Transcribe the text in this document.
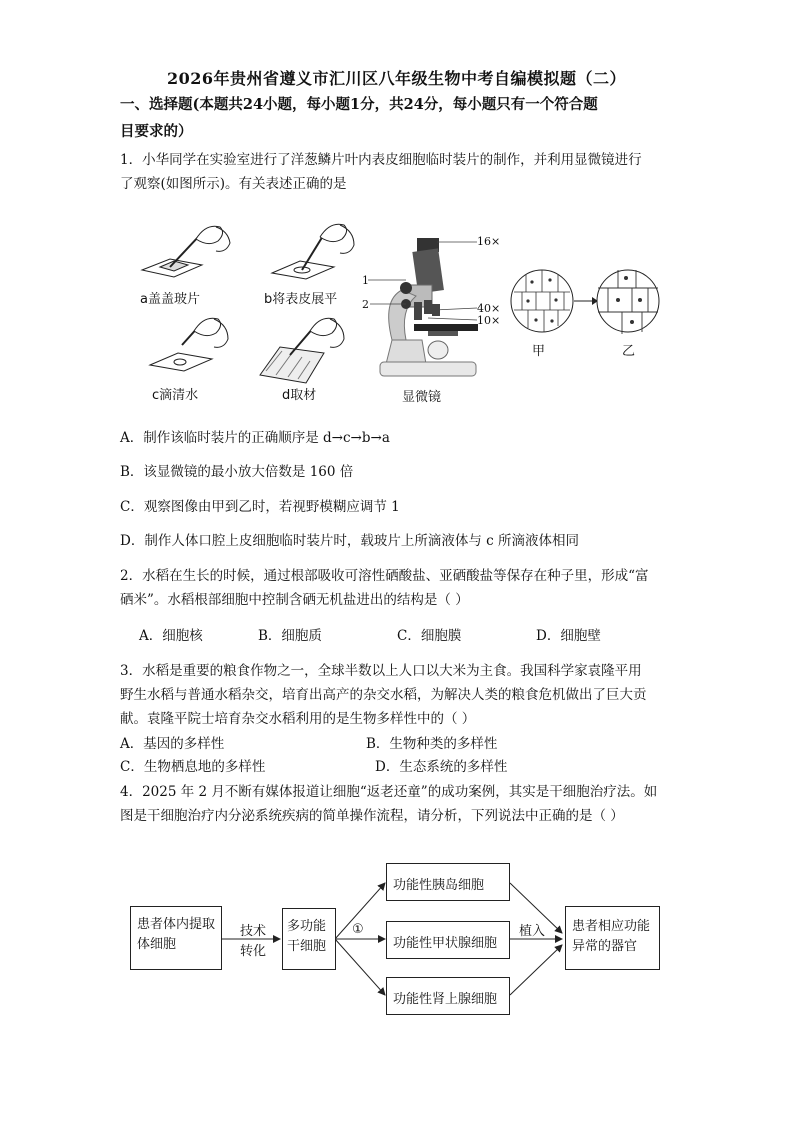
2026年贵州省遵义市汇川区八年级生物中考自编模拟题（二）
一、选择题(本题共24小题，每小题1分，共24分，每小题只有一个符合题
目要求的）
1．小华同学在实验室进行了洋葱鳞片叶内表皮细胞临时装片的制作，并利用显微镜进行
了观察(如图所示)。有关表述正确的是
a盖盖玻片	b将表皮展平
c滴清水	d取材
16×
1
2	40×
10×
显微镜
甲	乙
A．制作该临时装片的正确顺序是 d→c→b→a
B．该显微镜的最小放大倍数是 160 倍
C．观察图像由甲到乙时，若视野模糊应调节 1
D．制作人体口腔上皮细胞临时装片时，载玻片上所滴液体与 c 所滴液体相同
2．水稻在生长的时候，通过根部吸收可溶性硒酸盐、亚硒酸盐等保存在种子里，形成“富
硒米”。水稻根部细胞中控制含硒无机盐进出的结构是（ ）
A．细胞核	B．细胞质	C．细胞膜	D．细胞壁
3．水稻是重要的粮食作物之一，全球半数以上人口以大米为主食。我国科学家袁隆平用
野生水稻与普通水稻杂交，培育出高产的杂交水稻，为解决人类的粮食危机做出了巨大贡
献。袁隆平院士培育杂交水稻利用的是生物多样性中的（ ）
A．基因的多样性	B．生物种类的多样性
C．生物栖息地的多样性	D．生态系统的多样性
4．2025 年 2 月不断有媒体报道让细胞“返老还童”的成功案例，其实是干细胞治疗法。如
图是干细胞治疗内分泌系统疾病的简单操作流程，请分析，下列说法中正确的是（ ）
患者体内提取体细胞
技术转化
多功能干细胞
①
功能性胰岛细胞
功能性甲状腺细胞
功能性肾上腺细胞
植入	患者相应功能异常的器官
